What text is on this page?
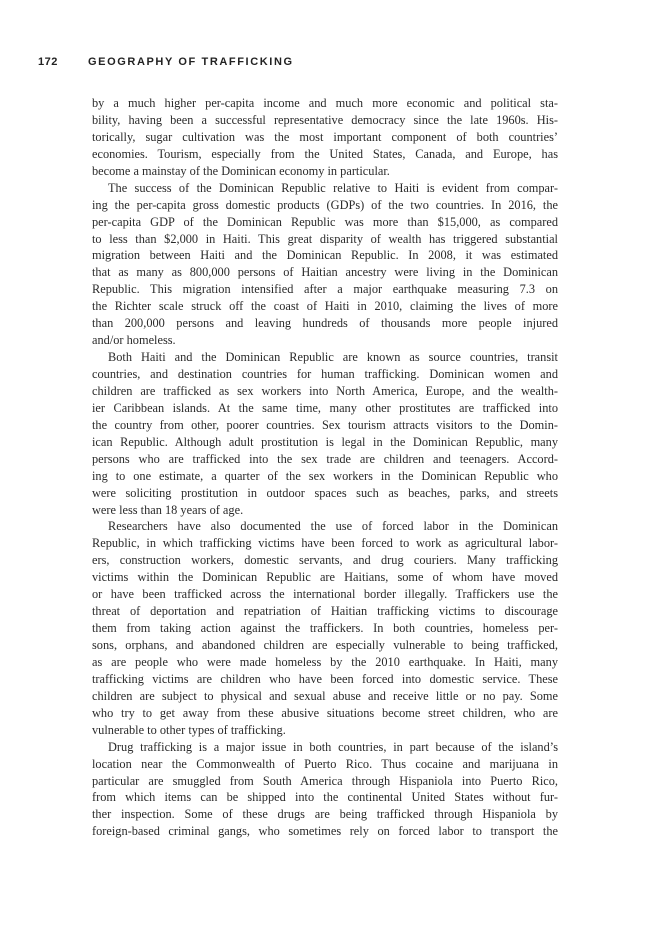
172	GEOGRAPHY OF TRAFFICKING
by a much higher per-capita income and much more economic and political sta-
bility, having been a successful representative democracy since the late 1960s. His-
torically, sugar cultivation was the most important component of both countries’
economies. Tourism, especially from the United States, Canada, and Europe, has
become a mainstay of the Dominican economy in particular.
The success of the Dominican Republic relative to Haiti is evident from compar-
ing the per-capita gross domestic products (GDPs) of the two countries. In 2016, the
per-capita GDP of the Dominican Republic was more than $15,000, as compared
to less than $2,000 in Haiti. This great disparity of wealth has triggered substantial
migration between Haiti and the Dominican Republic. In 2008, it was estimated
that as many as 800,000 persons of Haitian ancestry were living in the Dominican
Republic. This migration intensified after a major earthquake measuring 7.3 on
the Richter scale struck off the coast of Haiti in 2010, claiming the lives of more
than 200,000 persons and leaving hundreds of thousands more people injured
and/or homeless.
Both Haiti and the Dominican Republic are known as source countries, transit
countries, and destination countries for human trafficking. Dominican women and
children are trafficked as sex workers into North America, Europe, and the wealth-
ier Caribbean islands. At the same time, many other prostitutes are trafficked into
the country from other, poorer countries. Sex tourism attracts visitors to the Domin-
ican Republic. Although adult prostitution is legal in the Dominican Republic, many
persons who are trafficked into the sex trade are children and teenagers. Accord-
ing to one estimate, a quarter of the sex workers in the Dominican Republic who
were soliciting prostitution in outdoor spaces such as beaches, parks, and streets
were less than 18 years of age.
Researchers have also documented the use of forced labor in the Dominican
Republic, in which trafficking victims have been forced to work as agricultural labor-
ers, construction workers, domestic servants, and drug couriers. Many trafficking
victims within the Dominican Republic are Haitians, some of whom have moved
or have been trafficked across the international border illegally. Traffickers use the
threat of deportation and repatriation of Haitian trafficking victims to discourage
them from taking action against the traffickers. In both countries, homeless per-
sons, orphans, and abandoned children are especially vulnerable to being trafficked,
as are people who were made homeless by the 2010 earthquake. In Haiti, many
trafficking victims are children who have been forced into domestic service. These
children are subject to physical and sexual abuse and receive little or no pay. Some
who try to get away from these abusive situations become street children, who are
vulnerable to other types of trafficking.
Drug trafficking is a major issue in both countries, in part because of the island’s
location near the Commonwealth of Puerto Rico. Thus cocaine and marijuana in
particular are smuggled from South America through Hispaniola into Puerto Rico,
from which items can be shipped into the continental United States without fur-
ther inspection. Some of these drugs are being trafficked through Hispaniola by
foreign-based criminal gangs, who sometimes rely on forced labor to transport the
